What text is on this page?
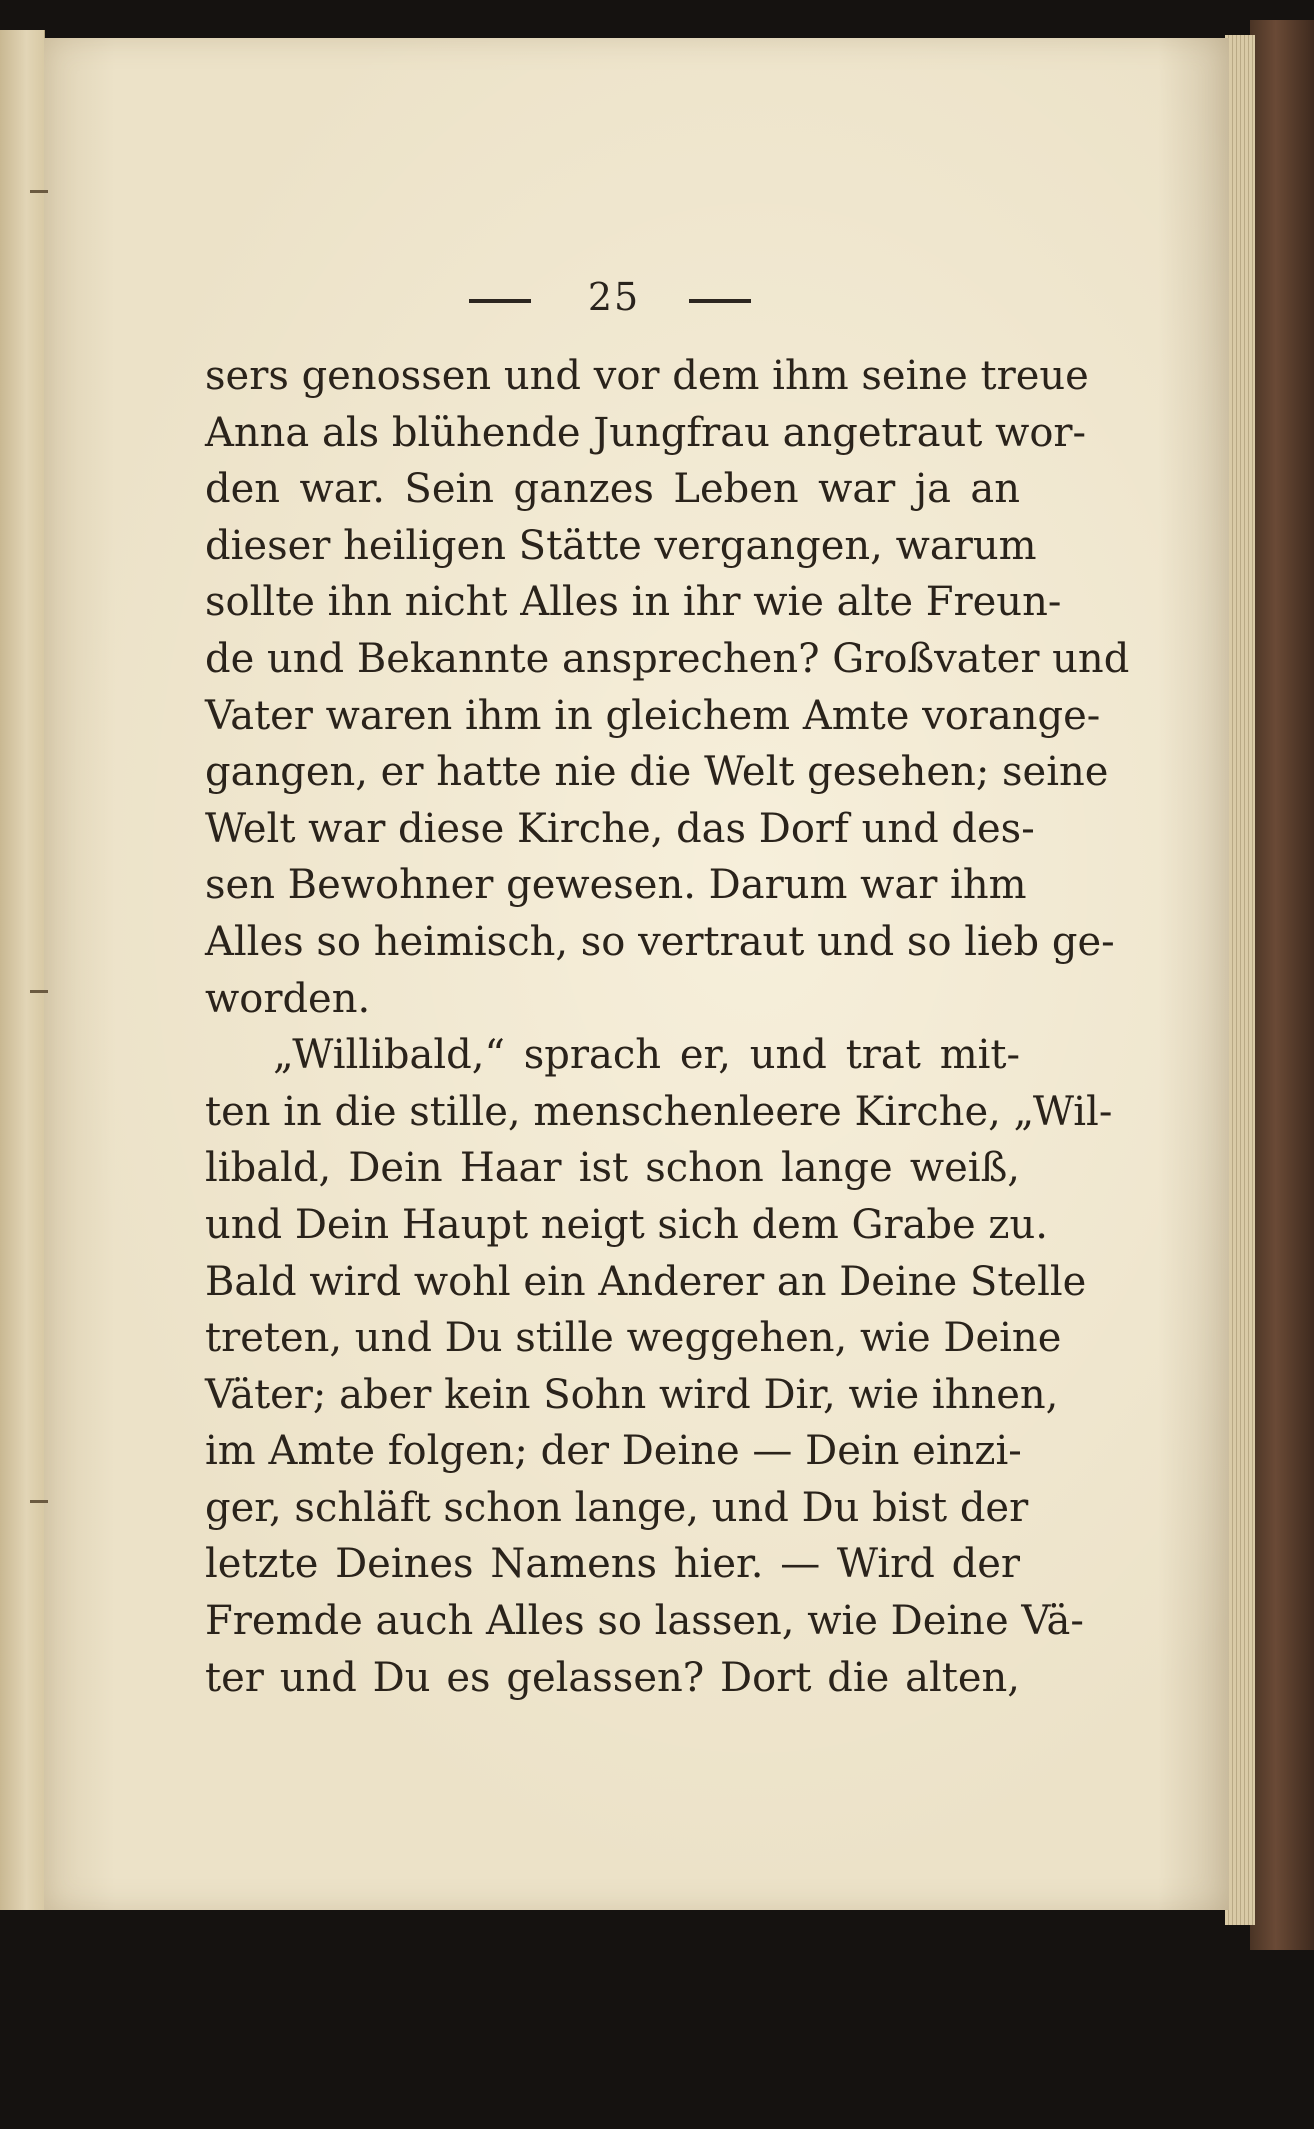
25
sers genossen und vor dem ihm seine treue
Anna als blühende Jungfrau angetraut wor-
den war. Sein ganzes Leben war ja an
dieser heiligen Stätte vergangen, warum
sollte ihn nicht Alles in ihr wie alte Freun-
de und Bekannte ansprechen? Großvater und
Vater waren ihm in gleichem Amte vorange-
gangen, er hatte nie die Welt gesehen; seine
Welt war diese Kirche, das Dorf und des-
sen Bewohner gewesen. Darum war ihm
Alles so heimisch, so vertraut und so lieb ge-
worden.
„Willibald,“ sprach er, und trat mit-
ten in die stille, menschenleere Kirche, „Wil-
libald, Dein Haar ist schon lange weiß,
und Dein Haupt neigt sich dem Grabe zu.
Bald wird wohl ein Anderer an Deine Stelle
treten, und Du stille weggehen, wie Deine
Väter; aber kein Sohn wird Dir, wie ihnen,
im Amte folgen; der Deine — Dein einzi-
ger, schläft schon lange, und Du bist der
letzte Deines Namens hier. — Wird der
Fremde auch Alles so lassen, wie Deine Vä-
ter und Du es gelassen? Dort die alten,
